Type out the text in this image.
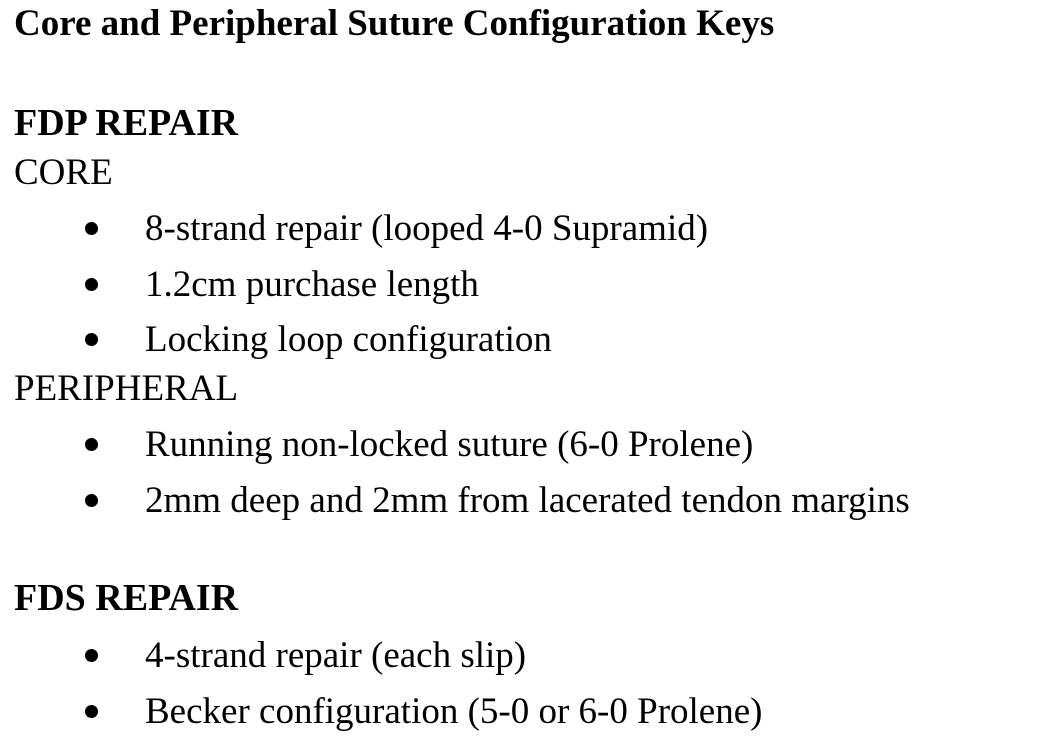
Core and Peripheral Suture Configuration Keys
FDP REPAIR
CORE
8-strand repair (looped 4-0 Supramid)
1.2cm purchase length
Locking loop configuration
PERIPHERAL
Running non-locked suture (6-0 Prolene)
2mm deep and 2mm from lacerated tendon margins
FDS REPAIR
4-strand repair (each slip)
Becker configuration (5-0 or 6-0 Prolene)
